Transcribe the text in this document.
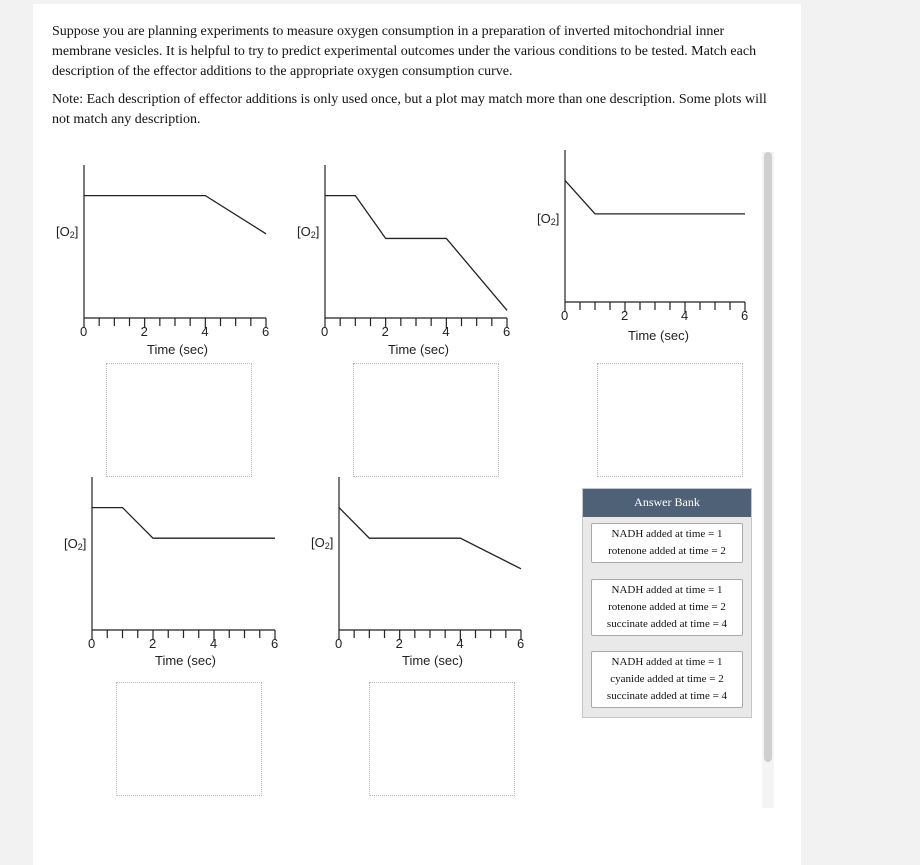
Suppose you are planning experiments to measure oxygen consumption in a preparation of inverted mitochondrial inner membrane vesicles. It is helpful to try to predict experimental outcomes under the various conditions to be tested. Match each description of the effector additions to the appropriate oxygen consumption curve.

Note: Each description of effector additions is only used once, but a plot may match more than one description. Some plots will not match any description.

[O2]
Time (sec)
0	2	4	6
[O2]
Time (sec)
0	2	4	6
[O2]
Time (sec)
0	2	4	6
[O2]
Time (sec)
0	2	4	6
[O2]
Time (sec)
0	2	4	6
Answer Bank
NADH added at time = 1
rotenone added at time = 2
NADH added at time = 1
rotenone added at time = 2
succinate added at time = 4
NADH added at time = 1
cyanide added at time = 2
succinate added at time = 4
